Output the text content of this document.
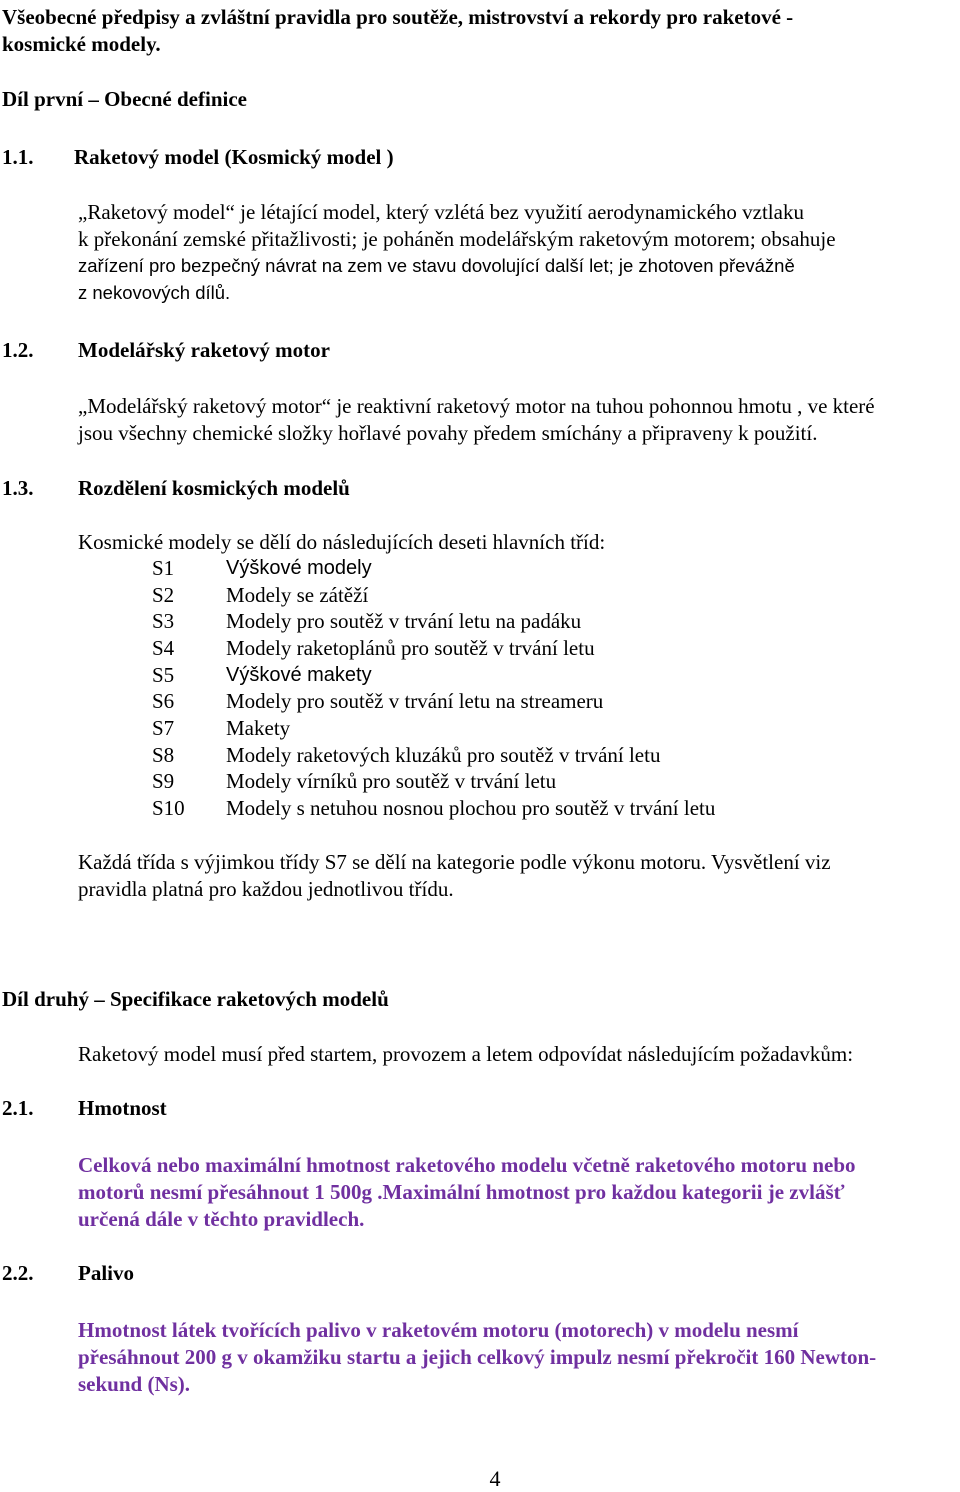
Všeobecné předpisy a zvláštní pravidla pro soutěže, mistrovství a rekordy pro raketové -
kosmické modely.
Díl první – Obecné definice
1.1. Raketový model (Kosmický model )
„Raketový model“ je létající model, který vzlétá bez využití aerodynamického vztlaku
k překonání zemské přitažlivosti; je poháněn modelářským raketovým motorem; obsahuje
zařízení pro bezpečný návrat na zem ve stavu dovolující další let; je zhotoven převážně
z nekovových dílů.
1.2. Modelářský raketový motor
„Modelářský raketový motor“ je reaktivní raketový motor na tuhou pohonnou hmotu , ve které
jsou všechny chemické složky hořlavé povahy předem smíchány a připraveny k použití.
1.3. Rozdělení kosmických modelů
Kosmické modely se dělí do následujících deseti hlavních tříd:
S1	Výškové modely
S2 Modely se zátěží
S3 Modely pro soutěž v trvání letu na padáku
S4 Modely raketoplánů pro soutěž v trvání letu
S5	Výškové makety
S6 Modely pro soutěž v trvání letu na streameru
S7 Makety
S8 Modely raketových kluzáků pro soutěž v trvání letu
S9 Modely vírníků pro soutěž v trvání letu
S10 Modely s netuhou nosnou plochou pro soutěž v trvání letu
Každá třída s výjimkou třídy S7 se dělí na kategorie podle výkonu motoru. Vysvětlení viz
pravidla platná pro každou jednotlivou třídu.
Díl druhý – Specifikace raketových modelů
Raketový model musí před startem, provozem a letem odpovídat následujícím požadavkům:
2.1. Hmotnost
Celková nebo maximální hmotnost raketového modelu včetně raketového motoru nebo
motorů nesmí přesáhnout 1 500g .Maximální hmotnost pro každou kategorii je zvlášť
určená dále v těchto pravidlech.
2.2. Palivo
Hmotnost látek tvořících palivo v raketovém motoru (motorech) v modelu nesmí
přesáhnout 200 g v okamžiku startu a jejich celkový impulz nesmí překročit 160 Newton-
sekund (Ns).
4
